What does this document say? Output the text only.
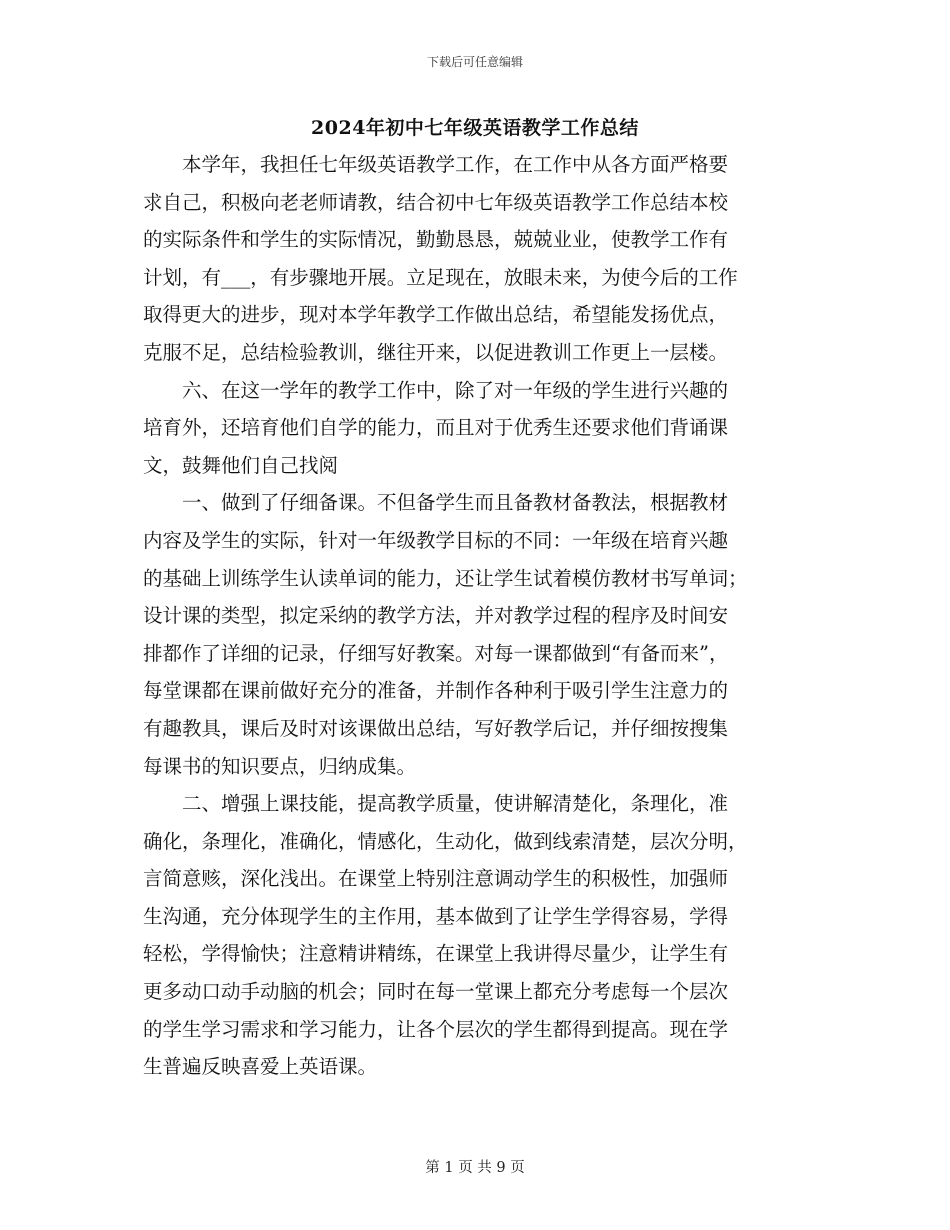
下载后可任意编辑
2024年初中七年级英语教学工作总结

　　本学年，我担任七年级英语教学工作，在工作中从各方面严格要
求自己，积极向老老师请教，结合初中七年级英语教学工作总结本校
的实际条件和学生的实际情况，勤勤恳恳，兢兢业业，使教学工作有
计划，有___，有步骤地开展。立足现在，放眼未来，为使今后的工作
取得更大的进步，现对本学年教学工作做出总结，希望能发扬优点，
克服不足，总结检验教训，继往开来，以促进教训工作更上一层楼。

　　六、在这一学年的教学工作中，除了对一年级的学生进行兴趣的
培育外，还培育他们自学的能力，而且对于优秀生还要求他们背诵课
文，鼓舞他们自己找阅

　　一、做到了仔细备课。不但备学生而且备教材备教法，根据教材
内容及学生的实际，针对一年级教学目标的不同：一年级在培育兴趣
的基础上训练学生认读单词的能力，还让学生试着模仿教材书写单词；
设计课的类型，拟定采纳的教学方法，并对教学过程的程序及时间安
排都作了详细的记录，仔细写好教案。对每一课都做到“有备而来”，
每堂课都在课前做好充分的准备，并制作各种利于吸引学生注意力的
有趣教具，课后及时对该课做出总结，写好教学后记，并仔细按搜集
每课书的知识要点，归纳成集。

　　二、增强上课技能，提高教学质量，使讲解清楚化，条理化，准
确化，条理化，准确化，情感化，生动化，做到线索清楚，层次分明，
言简意赅，深化浅出。在课堂上特别注意调动学生的积极性，加强师
生沟通，充分体现学生的主作用，基本做到了让学生学得容易，学得
轻松，学得愉快；注意精讲精练，在课堂上我讲得尽量少，让学生有
更多动口动手动脑的机会；同时在每一堂课上都充分考虑每一个层次
的学生学习需求和学习能力，让各个层次的学生都得到提高。现在学
生普遍反映喜爱上英语课。

第 1 页 共 9 页
